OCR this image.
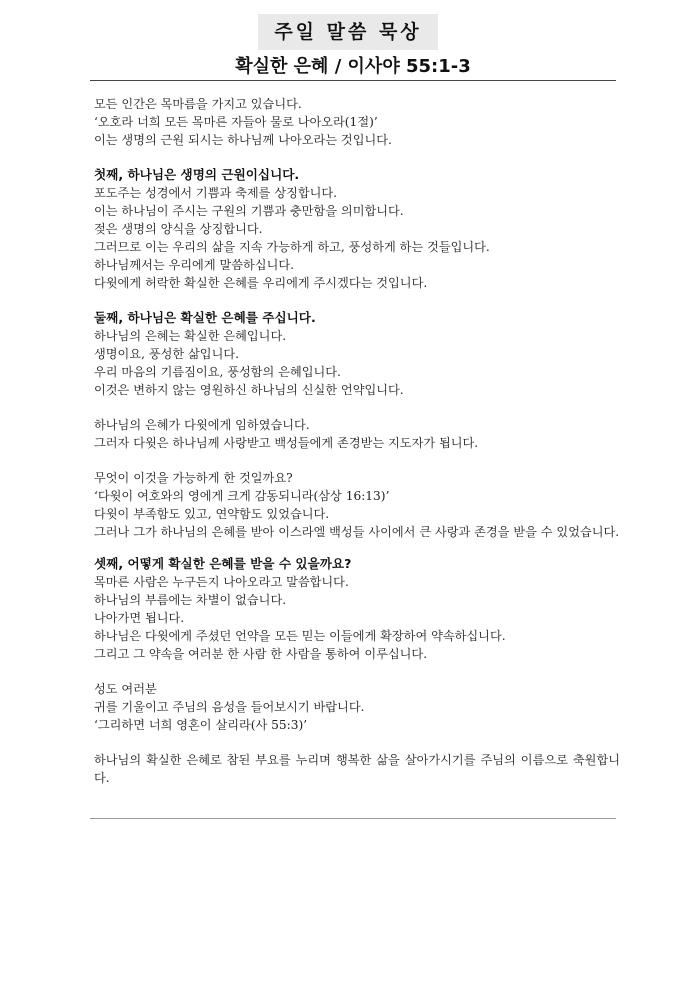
주일 말씀 묵상
확실한 은혜 / 이사야 55:1-3
모든 인간은 목마름을 가지고 있습니다.
‘오호라 너희 모든 목마른 자들아 물로 나아오라(1절)’
이는 생명의 근원 되시는 하나님께 나아오라는 것입니다.
첫째, 하나님은 생명의 근원이십니다.
포도주는 성경에서 기쁨과 축제를 상징합니다.
이는 하나님이 주시는 구원의 기쁨과 충만함을 의미합니다.
젖은 생명의 양식을 상징합니다.
그러므로 이는 우리의 삶을 지속 가능하게 하고, 풍성하게 하는 것들입니다.
하나님께서는 우리에게 말씀하십니다.
다윗에게 허락한 확실한 은혜를 우리에게 주시겠다는 것입니다.
둘째, 하나님은 확실한 은혜를 주십니다.
하나님의 은혜는 확실한 은혜입니다.
생명이요, 풍성한 삶입니다.
우리 마음의 기름짐이요, 풍성함의 은혜입니다.
이것은 변하지 않는 영원하신 하나님의 신실한 언약입니다.
하나님의 은혜가 다윗에게 임하였습니다.
그러자 다윗은 하나님께 사랑받고 백성들에게 존경받는 지도자가 됩니다.
무엇이 이것을 가능하게 한 것일까요?
‘다윗이 여호와의 영에게 크게 감동되니라(삼상 16:13)’
다윗이 부족함도 있고, 연약함도 있었습니다.
그러나 그가 하나님의 은혜를 받아 이스라엘 백성들 사이에서 큰 사랑과 존경을 받을 수 있었습니다.
셋째, 어떻게 확실한 은혜를 받을 수 있을까요?
목마른 사람은 누구든지 나아오라고 말씀합니다.
하나님의 부름에는 차별이 없습니다.
나아가면 됩니다.
하나님은 다윗에게 주셨던 언약을 모든 믿는 이들에게 확장하여 약속하십니다.
그리고 그 약속을 여러분 한 사람 한 사람을 통하여 이루십니다.
성도 여러분
귀를 기울이고 주님의 음성을 들어보시기 바랍니다.
‘그리하면 너희 영혼이 살리라(사 55:3)’
하나님의 확실한 은혜로 참된 부요를 누리며 행복한 삶을 살아가시기를 주님의 이름으로 축원합니다.
